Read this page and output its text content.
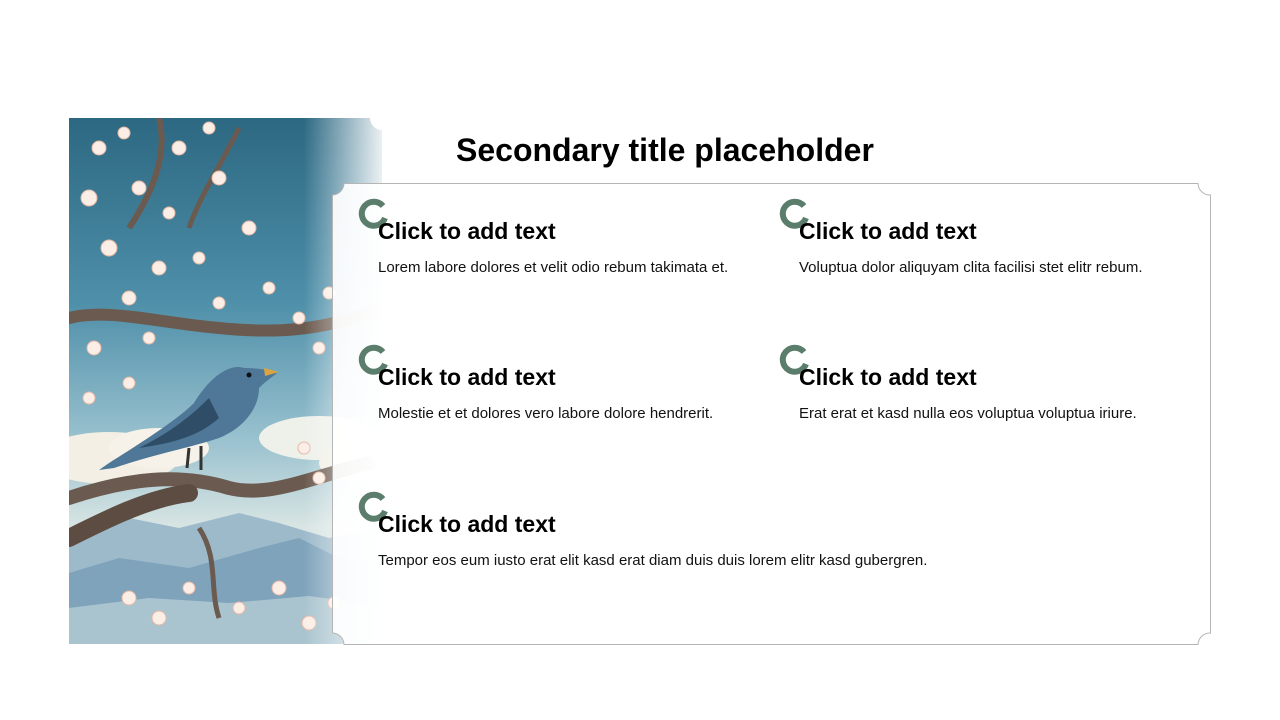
Secondary title placeholder
Click to add text
Lorem labore dolores et velit odio rebum takimata et.
Click to add text
Voluptua dolor aliquyam clita facilisi stet elitr rebum.
Click to add text
Molestie et et dolores vero labore dolore hendrerit.
Click to add text
Erat erat et kasd nulla eos voluptua voluptua iriure.
Click to add text
Tempor eos eum iusto erat elit kasd erat diam duis duis lorem elitr kasd gubergren.
